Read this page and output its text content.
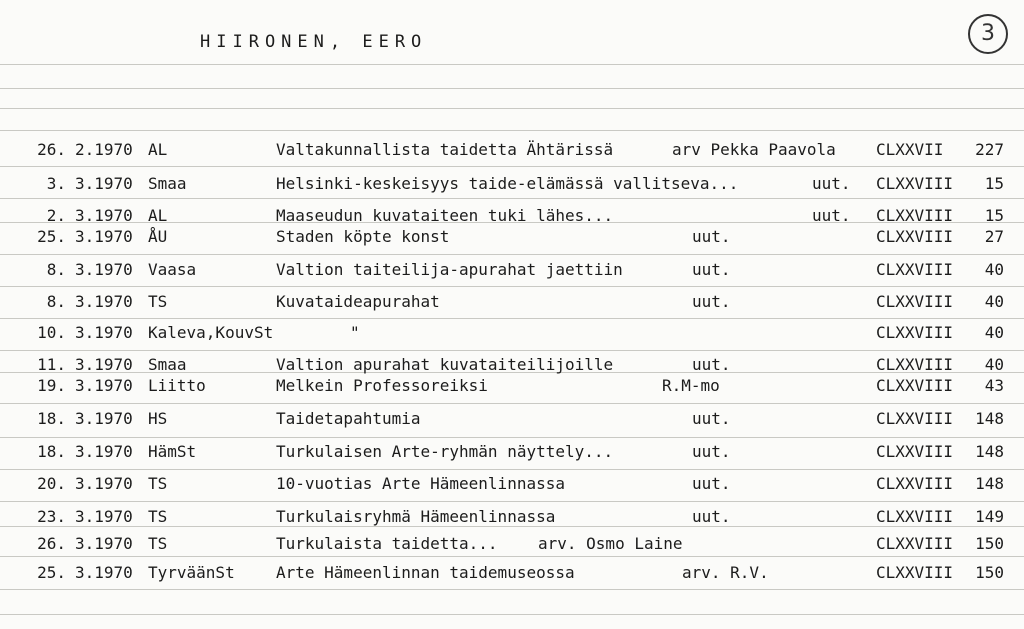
HIIRONEN, EERO	3
26. 2.1970 AL	Valtakunnallista taidetta Ähtärissä	arv Pekka Paavola	CLXXVII	227
3. 3.1970 Smaa	Helsinki-keskeisyys taide-elämässä vallitseva...	uut. CLXXVIII	15
2. 3.1970 AL	Maaseudun kuvataiteen tuki lähes...	uut. CLXXVIII	15
25. 3.1970 ÅU	Staden köpte konst	uut.	CLXXVIII	27
8. 3.1970 Vaasa	Valtion taiteilija-apurahat jaettiin	uut.	CLXXVIII	40
8. 3.1970 TS	Kuvataideapurahat	uut.	CLXXVIII	40
10. 3.1970 Kaleva,KouvSt	"	CLXXVIII	40
11. 3.1970 Smaa	Valtion apurahat kuvataiteilijoille	uut.	CLXXVIII	40
19. 3.1970 Liitto	Melkein Professoreiksi	R.M-mo	CLXXVIII	43
18. 3.1970 HS	Taidetapahtumia	uut.	CLXXVIII	148
18. 3.1970 HämSt	Turkulaisen Arte-ryhmän näyttely...	uut.	CLXXVIII	148
20. 3.1970 TS	10-vuotias Arte Hämeenlinnassa	uut.	CLXXVIII	148
23. 3.1970 TS	Turkulaisryhmä Hämeenlinnassa	uut.	CLXXVIII	149
26. 3.1970 TS	Turkulaista taidetta...	arv. Osmo Laine	CLXXVIII	150
25. 3.1970 TyrväänSt	Arte Hämeenlinnan taidemuseossa	arv. R.V.	CLXXVIII	150
